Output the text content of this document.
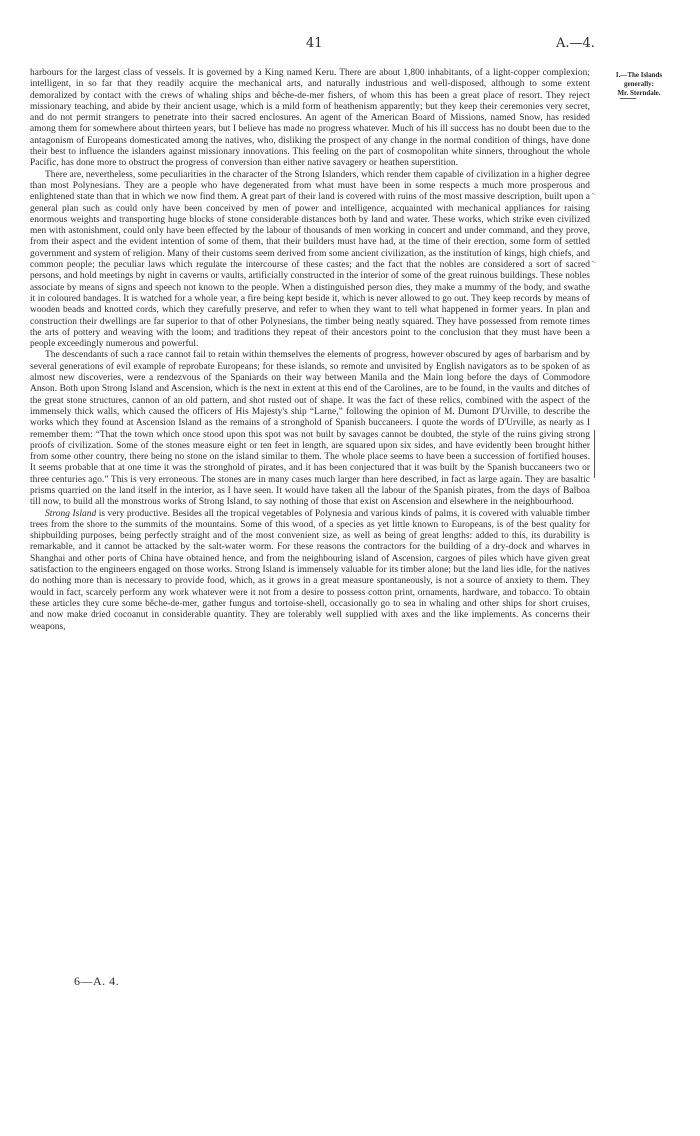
41	A.—4.
I.—The Islands
generally:
Mr. Sterndale.
˞
˞

harbours for the largest class of vessels. It is governed by a King named Keru. There are about 1,800 inhabitants, of a light-copper complexion; intelligent, in so far that they readily acquire the mechanical arts, and naturally industrious and well-disposed, although to some extent demoralized by contact with the crews of whaling ships and bêche-de-mer fishers, of whom this has been a great place of resort. They reject missionary teaching, and abide by their ancient usage, which is a mild form of heathenism apparently; but they keep their ceremonies very secret, and do not permit strangers to penetrate into their sacred enclosures. An agent of the American Board of Missions, named Snow, has resided among them for somewhere about thirteen years, but I believe has made no progress whatever. Much of his ill success has no doubt been due to the antagonism of Europeans domesticated among the natives, who, disliking the prospect of any change in the normal condition of things, have done their best to influence the islanders against missionary innovations. This feeling on the part of cosmopolitan white sinners, throughout the whole Pacific, has done more to obstruct the progress of conversion than either native savagery or heathen superstition.

There are, nevertheless, some peculiarities in the character of the Strong Islanders, which render them capable of civilization in a higher degree than most Polynesians. They are a people who have degenerated from what must have been in some respects a much more prosperous and enlightened state than that in which we now find them. A great part of their land is covered with ruins of the most massive description, built upon a general plan such as could only have been conceived by men of power and intelligence, acquainted with mechanical appliances for raising enormous weights and transporting huge blocks of stone considerable distances both by land and water. These works, which strike even civilized men with astonishment, could only have been effected by the labour of thousands of men working in concert and under command, and they prove, from their aspect and the evident intention of some of them, that their builders must have had, at the time of their erection, some form of settled government and system of religion. Many of their customs seem derived from some ancient civilization, as the institution of kings, high chiefs, and common people; the peculiar laws which regulate the intercourse of these castes; and the fact that the nobles are considered a sort of sacred persons, and hold meetings by night in caverns or vaults, artificially constructed in the interior of some of the great ruinous buildings. These nobles associate by means of signs and speech not known to the people. When a distinguished person dies, they make a mummy of the body, and swathe it in coloured bandages. It is watched for a whole year, a fire being kept beside it, which is never allowed to go out. They keep records by means of wooden beads and knotted cords, which they carefully preserve, and refer to when they want to tell what happened in former years. In plan and construction their dwellings are far superior to that of other Polynesians, the timber being neatly squared. They have possessed from remote times the arts of pottery and weaving with the loom; and traditions they repeat of their ancestors point to the conclusion that they must have been a people exceedingly numerous and powerful.

The descendants of such a race cannot fail to retain within themselves the elements of progress, however obscured by ages of barbarism and by several generations of evil example of reprobate Europeans; for these islands, so remote and unvisited by English navigators as to be spoken of as almost new discoveries, were a rendezvous of the Spaniards on their way between Manila and the Main long before the days of Commodore Anson. Both upon Strong Island and Ascension, which is the next in extent at this end of the Carolines, are to be found, in the vaults and ditches of the great stone structures, cannon of an old pattern, and shot rusted out of shape. It was the fact of these relics, combined with the aspect of the immensely thick walls, which caused the officers of His Majesty's ship “Larne,” following the opinion of M. Dumont D'Urville, to describe the works which they found at Ascension Island as the remains of a stronghold of Spanish buccaneers. I quote the words of D'Urville, as nearly as I remember them: “That the town which once stood upon this spot was not built by savages cannot be doubted, the style of the ruins giving strong proofs of civilization. Some of the stones measure eight or ten feet in length, are squared upon six sides, and have evidently been brought hither from some other country, there being no stone on the island similar to them. The whole place seems to have been a succession of fortified houses. It seems probable that at one time it was the stronghold of pirates, and it has been conjectured that it was built by the Spanish buccaneers two or three centuries ago.” This is very erroneous. The stones are in many cases much larger than here described, in fact as large again. They are basaltic prisms quarried on the land itself in the interior, as I have seen. It would have taken all the labour of the Spanish pirates, from the days of Balboa till now, to build all the monstrous works of Strong Island, to say nothing of those that exist on Ascension and elsewhere in the neighbourhood.

Strong Island is very productive. Besides all the tropical vegetables of Polynesia and various kinds of palms, it is covered with valuable timber trees from the shore to the summits of the mountains. Some of this wood, of a species as yet little known to Europeans, is of the best quality for shipbuilding purposes, being perfectly straight and of the most convenient size, as well as being of great lengths: added to this, its durability is remarkable, and it cannot be attacked by the salt-water worm. For these reasons the contractors for the building of a dry-dock and wharves in Shanghai and other ports of China have obtained hence, and from the neighbouring island of Ascension, cargoes of piles which have given great satisfaction to the engineers engaged on those works. Strong Island is immensely valuable for its timber alone; but the land lies idle, for the natives do nothing more than is necessary to provide food, which, as it grows in a great measure spontaneously, is not a source of anxiety to them. They would in fact, scarcely perform any work whatever were it not from a desire to possess cotton print, ornaments, hardware, and tobacco. To obtain these articles they cure some bêche-de-mer, gather fungus and tortoise-shell, occasionally go to sea in whaling and other ships for short cruises, and now make dried cocoanut in considerable quantity. They are tolerably well supplied with axes and the like implements. As concerns their weapons,

6—A. 4.
